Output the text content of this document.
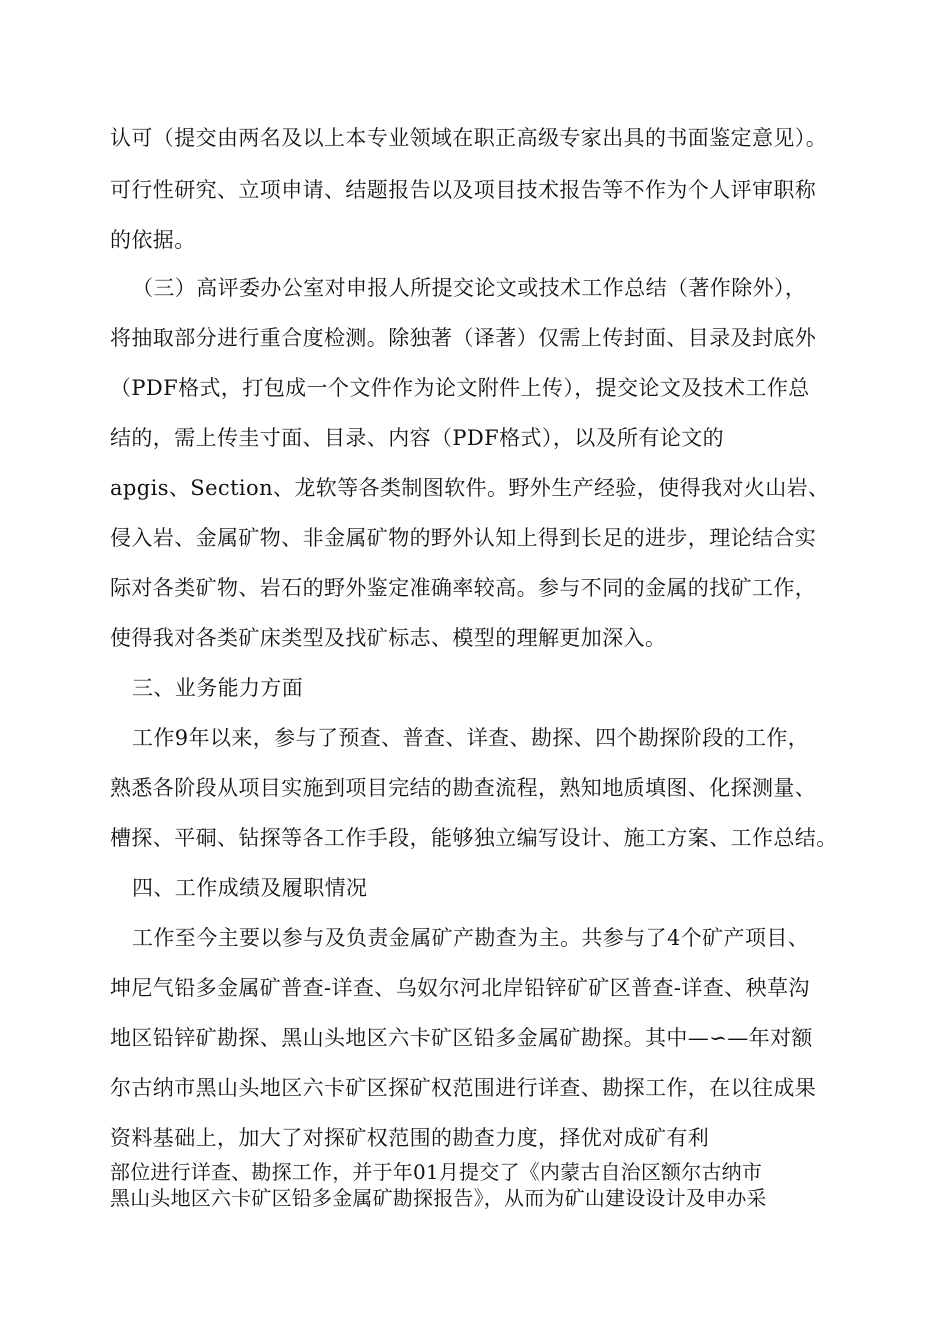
认可（提交由两名及以上本专业领域在职正高级专家出具的书面鉴定意见）。
可行性研究、立项申请、结题报告以及项目技术报告等不作为个人评审职称
的依据。
（三）高评委办公室对申报人所提交论文或技术工作总结（著作除外），
将抽取部分进行重合度检测。除独著（译著）仅需上传封面、目录及封底外
（PDF格式，打包成一个文件作为论文附件上传），提交论文及技术工作总
结的，需上传圭寸面、目录、内容（PDF格式），以及所有论文的
apgis、Section、龙软等各类制图软件。野外生产经验，使得我对火山岩、
侵入岩、金属矿物、非金属矿物的野外认知上得到长足的进步，理论结合实
际对各类矿物、岩石的野外鉴定准确率较高。参与不同的金属的找矿工作，
使得我对各类矿床类型及找矿标志、模型的理解更加深入。
三、业务能力方面
工作9年以来，参与了预查、普查、详查、勘探、四个勘探阶段的工作，
熟悉各阶段从项目实施到项目完结的勘查流程，熟知地质填图、化探测量、
槽探、平硐、钻探等各工作手段，能够独立编写设计、施工方案、工作总结。
四、工作成绩及履职情况
工作至今主要以参与及负责金属矿产勘查为主。共参与了4个矿产项目、
坤尼气铅多金属矿普查-详查、乌奴尔河北岸铅锌矿矿区普查-详查、秧草沟
地区铅锌矿勘探、黑山头地区六卡矿区铅多金属矿勘探。其中—∽—年对额
尔古纳市黑山头地区六卡矿区探矿权范围进行详查、勘探工作，在以往成果
资料基础上，加大了对探矿权范围的勘查力度，择优对成矿有利
部位进行详查、勘探工作，并于年01月提交了《内蒙古自治区额尔古纳市
黑山头地区六卡矿区铅多金属矿勘探报告》，从而为矿山建设设计及申办采
